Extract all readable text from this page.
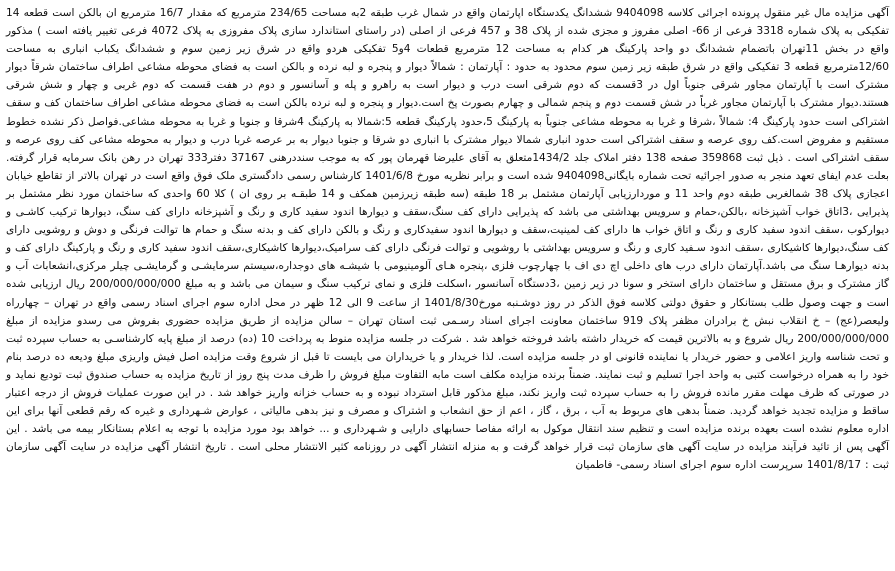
آگهی مزایده مال غیر منقول پرونده اجرائی کلاسه 9404098 ششدانگ یکدستگاه اپارتمان واقع در شمال غرب طبقه 2به مساحت 234/65 مترمربع که مقدار 16/7 مترمربع ان بالکن است قطعه 14 تفکیکی به پلاک شماره 3318 فرعی از 66- اصلی مفروز و مجزی شده از پلاک 38 و 457 فرعی از اصلی (در راستای استاندارد سازی پلاک مفروزی به پلاک 4072 فرعی تغییر یافته است ) مذکور واقع در بخش 11تهران باتضمام ششدانگ دو واحد پارکینگ هر کدام به مساحت 12 مترمربع قطعات 4و5 تفکیکی هردو واقع در شرق زیر زمین سوم و ششدانگ یکباب انباری به مساحت 12/60مترمربع قطعه 3 تفکیکی واقع در شرق طبقه زیر زمین سوم محدود به حدود : آپارتمان : شمالاً دیوار و پنجره و لبه نرده و بالکن است به فضای محوطه مشاعی اطراف ساختمان شرقاً دیوار مشترک است با آپارتمان مجاور شرقی جنوباً اول در 3قسمت که دوم شرقی است درب و دیوار است به راهرو و پله و آسانسور و دوم در هفت قسمت که دوم غربی و چهار و شش شرقی هستند.دیوار مشترک با آپارتمان مجاور غرباً در شش قسمت دوم و پنجم شمالی و چهارم بصورت پخ است.دیوار و پنجره و لبه نرده بالکن است به فضای محوطه مشاعی اطراف ساختمان کف و سقف اشتراکی است حدود پارکینگ 4: شمالاً ،شرقا و غربا به محوطه مشاعی جنوباً به پارکینگ 5،حدود پارکینگ قطعه 5:شمالا به پارکینگ 4شرقا و جنوبا و غربا به محوطه مشاعی.فواصل ذکر نشده خطوط مستقیم و مفروض است.کف روی عرصه و سقف اشتراکی است حدود انباری شمالا دیوار مشترک با انباری دو شرقا و جنوبا دیوار به بر عرصه غربا درب و دیوار به محوطه مشاعی کف روی عرصه و سقف اشتراکی است . ذیل ثبت 359868 صفحه 138 دفتر املاک جلد 1434/2متعلق به آقای علیرضا قهرمان پور که به موجب سنددرهنی 37167 دفتر333 تهران در رهن بانک سرمایه قرار گرفته. بعلت عدم ایفای تعهد منجر به صدور اجرائیه تحت شماره بایگانی9404098 شده است و برابر نظریه مورخ 1401/6/8 کارشناس رسمی دادگستری ملک فوق واقع است در تهران بالاتر از تقاطع خیابان اعجازی پلاک 38 شمالغربی طبقه دوم واحد 11 و موردارزیابی آپارتمان مشتمل بر 18 طبقه (سه طبقه زیرزمین همکف و 14 طبقـه بر روی ان ) کلا 60 واحدی که ساختمان مورد نظر مشتمل بر پذیرایی ،3اتاق خواب آشپزخانه ،بالکن،حمام و سرویس بهداشتی می باشد که پذیرایی دارای کف سنگ،سقف و دیوارها اندود سفید کاری و رنگ و آشپزخانه دارای کف سنگ، دیوارها ترکیب کاشـی و دیوارکوب ،سقف اندود سفید کاری و رنگ و اتاق خواب ها دارای کف لمینیت،سقف و دیوارها اندود سفیدکاری و رنگ و بالکن دارای کف و بدنه سنگ و حمام ها توالت فرنگی و دوش و روشویی دارای کف سنگ،دیوارها کاشیکاری ،سقف اندود سـفید کاری و رنگ و سرویس بهداشتی با روشویی و توالت فرنگی دارای کف سرامیک،دیوارها کاشیکاری،سقف اندود سفید کاری و رنگ و پارکینگ دارای کف و بدنه دیوارهـا سنگ می باشد.آپارتمان دارای درب های داخلی اچ دی اف با چهارچوب فلزی ،پنجره هـای آلومینیومی با شیشـه های دوجداره،سیستم سرمایشـی و گرمایشـی چیلر مرکزی،انشعابات آب و گاز مشترک و برق مستقل و ساختمان دارای استخر و سونا در زیر زمین ،3دستگاه آسانسور ،اسکلت فلزی و نمای ترکیب سنگ و سیمان می باشد و به مبلغ 200/000/000/000 ریال ارزیابی شده است و جهت وصول طلب بستانکار و حقوق دولتی کلاسه فوق الذکر در روز دوشـنبه مورخ1401/8/30 از ساعت 9 الی 12 ظهر در محل اداره سوم اجرای اسناد رسمی واقع در تهران – چهارراه ولیعصر(عج) – خ انقلاب نبش خ برادران مظفر پلاک 919 ساختمان معاونت اجرای اسناد رسـمی ثبت استان تهران – سالن مزایده از طریق مزایده حضوری بفروش می رسدو مزایده از مبلغ 200/000/000/000 ریال شروع و به بالاترین قیمت که خریدار داشته باشد فروخته خواهد شد . شرکت در جلسه مزایده منوط به پرداخت 10 (ده) درصد از مبلغ پایه کارشناسـی به حساب سپرده ثبت و تحت شناسه واریز اعلامی و حضور خریدار یا نماینده قانونی او در جلسه مزایده است. لذا خریدار و یا خریداران می بایست تا قبل از شروع وقت مزایده اصل فیش واریزی مبلغ ودیعه ده درصد بنام خود را به همراه درخواست کتبی به واحد اجرا تسلیم و ثبت نمایند. ضمناً برنده مزایده مکلف است مابه التفاوت مبلغ فروش را ظرف مدت پنج روز از تاریخ مزایده به حساب صندوق ثبت تودیع نماید و در صورتی که ظرف مهلت مقرر مانده فروش را به حساب سپرده ثبت واریز نکند، مبلغ مذکور قابل استرداد نبوده و به حساب خزانه واریز خواهد شد . در این صورت عملیات فروش از درجه اعتبار ساقط و مزایده تجدید خواهد گردید. ضمناً بدهی های مربوط به آب ، برق ، گاز ، اعم از حق انشعاب و اشتراک و مصرف و نیز بدهی مالیاتی ، عوارض شـهرداری و غیره که رقم قطعی آنها برای این اداره معلوم نشده است بعهده برنده مزایده است و تنظیم سند انتقال موکول به ارائه مفاصا حسابهای دارایی و شـهرداری و ... خواهد بود مورد مزایده با توجه به اعلام بستانکار بیمه می باشد . این آگهی پس از تائید فرآیند مزایده در سایت آگهی های سازمان ثبت قرار خواهد گرفت و به منزله انتشار آگهی در روزنامه کثیر الانتشار محلی است . تاریخ انتشار آگهی مزایده در سایت آگهی سازمان ثبت : 1401/8/17 سرپرست اداره سوم اجرای اسناد رسمی- فاطمیان
